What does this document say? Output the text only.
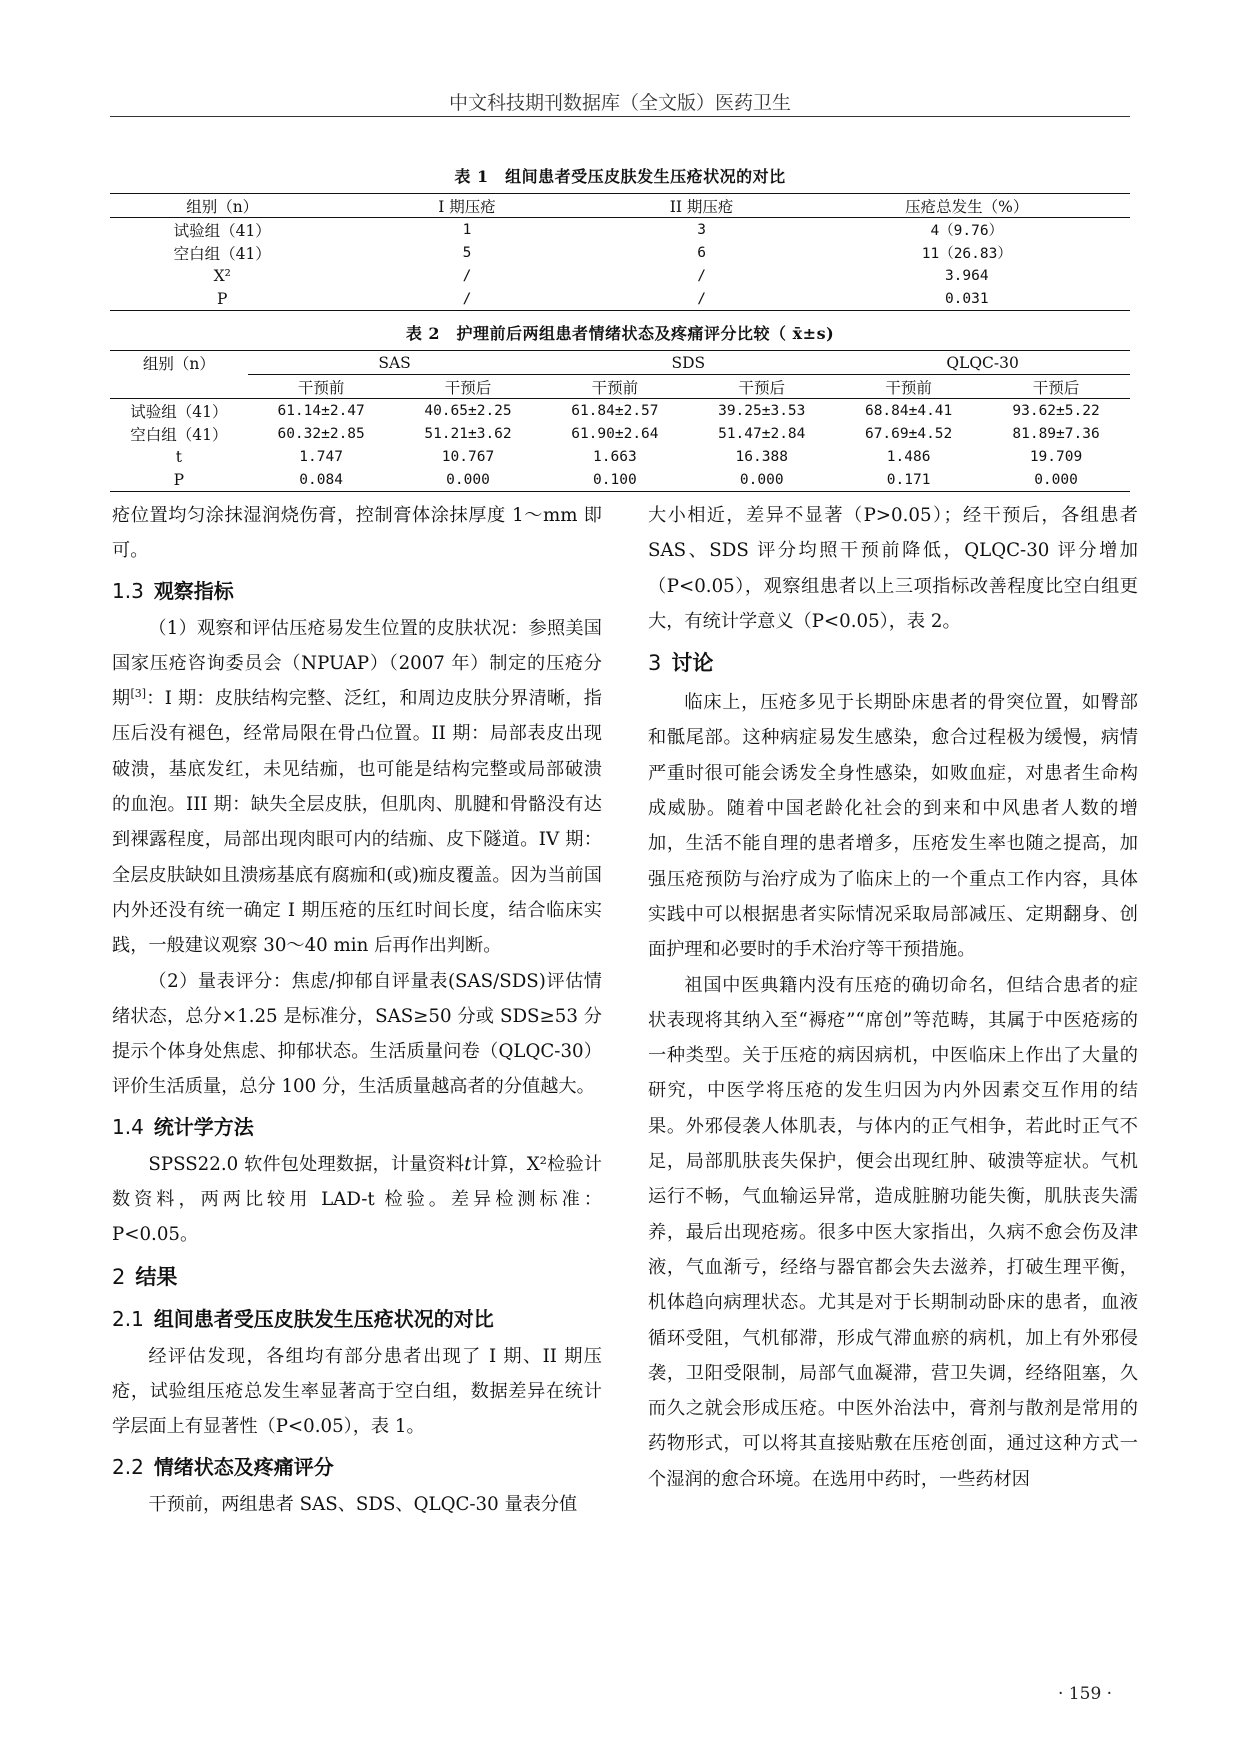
中文科技期刊数据库（全文版）医药卫生
表 1　组间患者受压皮肤发生压疮状况的对比
组别（n）	I 期压疮	II 期压疮	压疮总发生（%）
试验组（41）	1	3	4（9.76）
空白组（41）	5	6	11（26.83）
X²	/	/	3.964
P	/	/	0.031
表 2　护理前后两组患者情绪状态及疼痛评分比较（ x̄±s)
组别（n）	SAS		SDS		QLQC-30	
	干预前	干预后	干预前	干预后	干预前	干预后
试验组（41）	61.14±2.47	40.65±2.25	61.84±2.57	39.25±3.53	68.84±4.41	93.62±5.22
空白组（41）	60.32±2.85	51.21±3.62	61.90±2.64	51.47±2.84	67.69±4.52	81.89±7.36
t	1.747	10.767	1.663	16.388	1.486	19.709
P	0.084	0.000	0.100	0.000	0.171	0.000

疮位置均匀涂抹湿润烧伤膏，控制膏体涂抹厚度 1～mm 即可。

1.3 观察指标

（1）观察和评估压疮易发生位置的皮肤状况：参照美国国家压疮咨询委员会（NPUAP）（2007 年）制定的压疮分期[3]：I 期：皮肤结构完整、泛红，和周边皮肤分界清晰，指压后没有褪色，经常局限在骨凸位置。II 期：局部表皮出现破溃，基底发红，未见结痂，也可能是结构完整或局部破溃的血泡。III 期：缺失全层皮肤，但肌肉、肌腱和骨骼没有达到裸露程度，局部出现肉眼可内的结痂、皮下隧道。IV 期：全层皮肤缺如且溃疡基底有腐痂和(或)痂皮覆盖。因为当前国内外还没有统一确定 I 期压疮的压红时间长度，结合临床实践，一般建议观察 30～40 min 后再作出判断。

（2）量表评分：焦虑/抑郁自评量表(SAS/SDS)评估情绪状态，总分×1.25 是标准分，SAS≥50 分或 SDS≥53 分提示个体身处焦虑、抑郁状态。生活质量问卷（QLQC-30）评价生活质量，总分 100 分，生活质量越高者的分值越大。

1.4 统计学方法

SPSS22.0 软件包处理数据，计量资料t计算，X²检验计数资料，两两比较用 LAD-t 检验。差异检测标准：P<0.05。

2 结果
2.1 组间患者受压皮肤发生压疮状况的对比

经评估发现，各组均有部分患者出现了 I 期、II 期压疮，试验组压疮总发生率显著高于空白组，数据差异在统计学层面上有显著性（P<0.05），表 1。

2.2 情绪状态及疼痛评分

干预前，两组患者 SAS、SDS、QLQC-30 量表分值

大小相近，差异不显著（P>0.05）；经干预后，各组患者 SAS、SDS 评分均照干预前降低，QLQC-30 评分增加（P<0.05），观察组患者以上三项指标改善程度比空白组更大，有统计学意义（P<0.05），表 2。

3 讨论

临床上，压疮多见于长期卧床患者的骨突位置，如臀部和骶尾部。这种病症易发生感染，愈合过程极为缓慢，病情严重时很可能会诱发全身性感染，如败血症，对患者生命构成威胁。随着中国老龄化社会的到来和中风患者人数的增加，生活不能自理的患者增多，压疮发生率也随之提高，加强压疮预防与治疗成为了临床上的一个重点工作内容，具体实践中可以根据患者实际情况采取局部减压、定期翻身、创面护理和必要时的手术治疗等干预措施。

祖国中医典籍内没有压疮的确切命名，但结合患者的症状表现将其纳入至“褥疮”“席创”等范畴，其属于中医疮疡的一种类型。关于压疮的病因病机，中医临床上作出了大量的研究，中医学将压疮的发生归因为内外因素交互作用的结果。外邪侵袭人体肌表，与体内的正气相争，若此时正气不足，局部肌肤丧失保护，便会出现红肿、破溃等症状。气机运行不畅，气血输运异常，造成脏腑功能失衡，肌肤丧失濡养，最后出现疮疡。很多中医大家指出，久病不愈会伤及津液，气血渐亏，经络与器官都会失去滋养，打破生理平衡，机体趋向病理状态。尤其是对于长期制动卧床的患者，血液循环受阻，气机郁滞，形成气滞血瘀的病机，加上有外邪侵袭，卫阳受限制，局部气血凝滞，营卫失调，经络阻塞，久而久之就会形成压疮。中医外治法中，膏剂与散剂是常用的药物形式，可以将其直接贴敷在压疮创面，通过这种方式一个湿润的愈合环境。在选用中药时，一些药材因

· 159 ·
